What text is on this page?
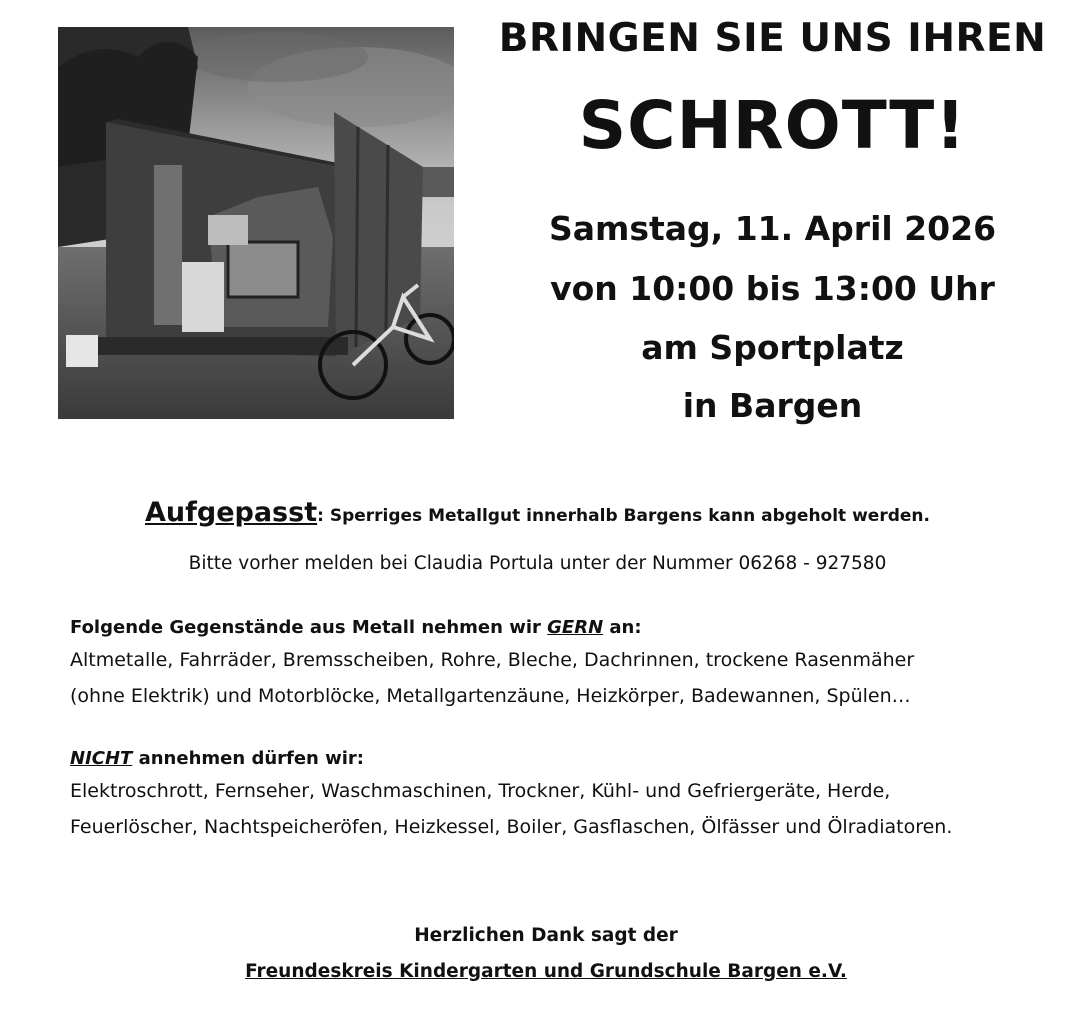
BRINGEN SIE UNS IHREN
SCHROTT!
Samstag, 11. April 2026
von 10:00 bis 13:00 Uhr
am Sportplatz
in Bargen
Aufgepasst: Sperriges Metallgut innerhalb Bargens kann abgeholt werden.
Bitte vorher melden bei Claudia Portula unter der Nummer 06268 - 927580
Folgende Gegenstände aus Metall nehmen wir GERN an:
Altmetalle, Fahrräder, Bremsscheiben, Rohre, Bleche, Dachrinnen, trockene Rasenmäher
(ohne Elektrik) und Motorblöcke, Metallgartenzäune, Heizkörper, Badewannen, Spülen…
NICHT annehmen dürfen wir:
Elektroschrott, Fernseher, Waschmaschinen, Trockner, Kühl- und Gefriergeräte, Herde,
Feuerlöscher, Nachtspeicheröfen, Heizkessel, Boiler, Gasflaschen, Ölfässer und Ölradiatoren.
Herzlichen Dank sagt der
Freundeskreis Kindergarten und Grundschule Bargen e.V.
